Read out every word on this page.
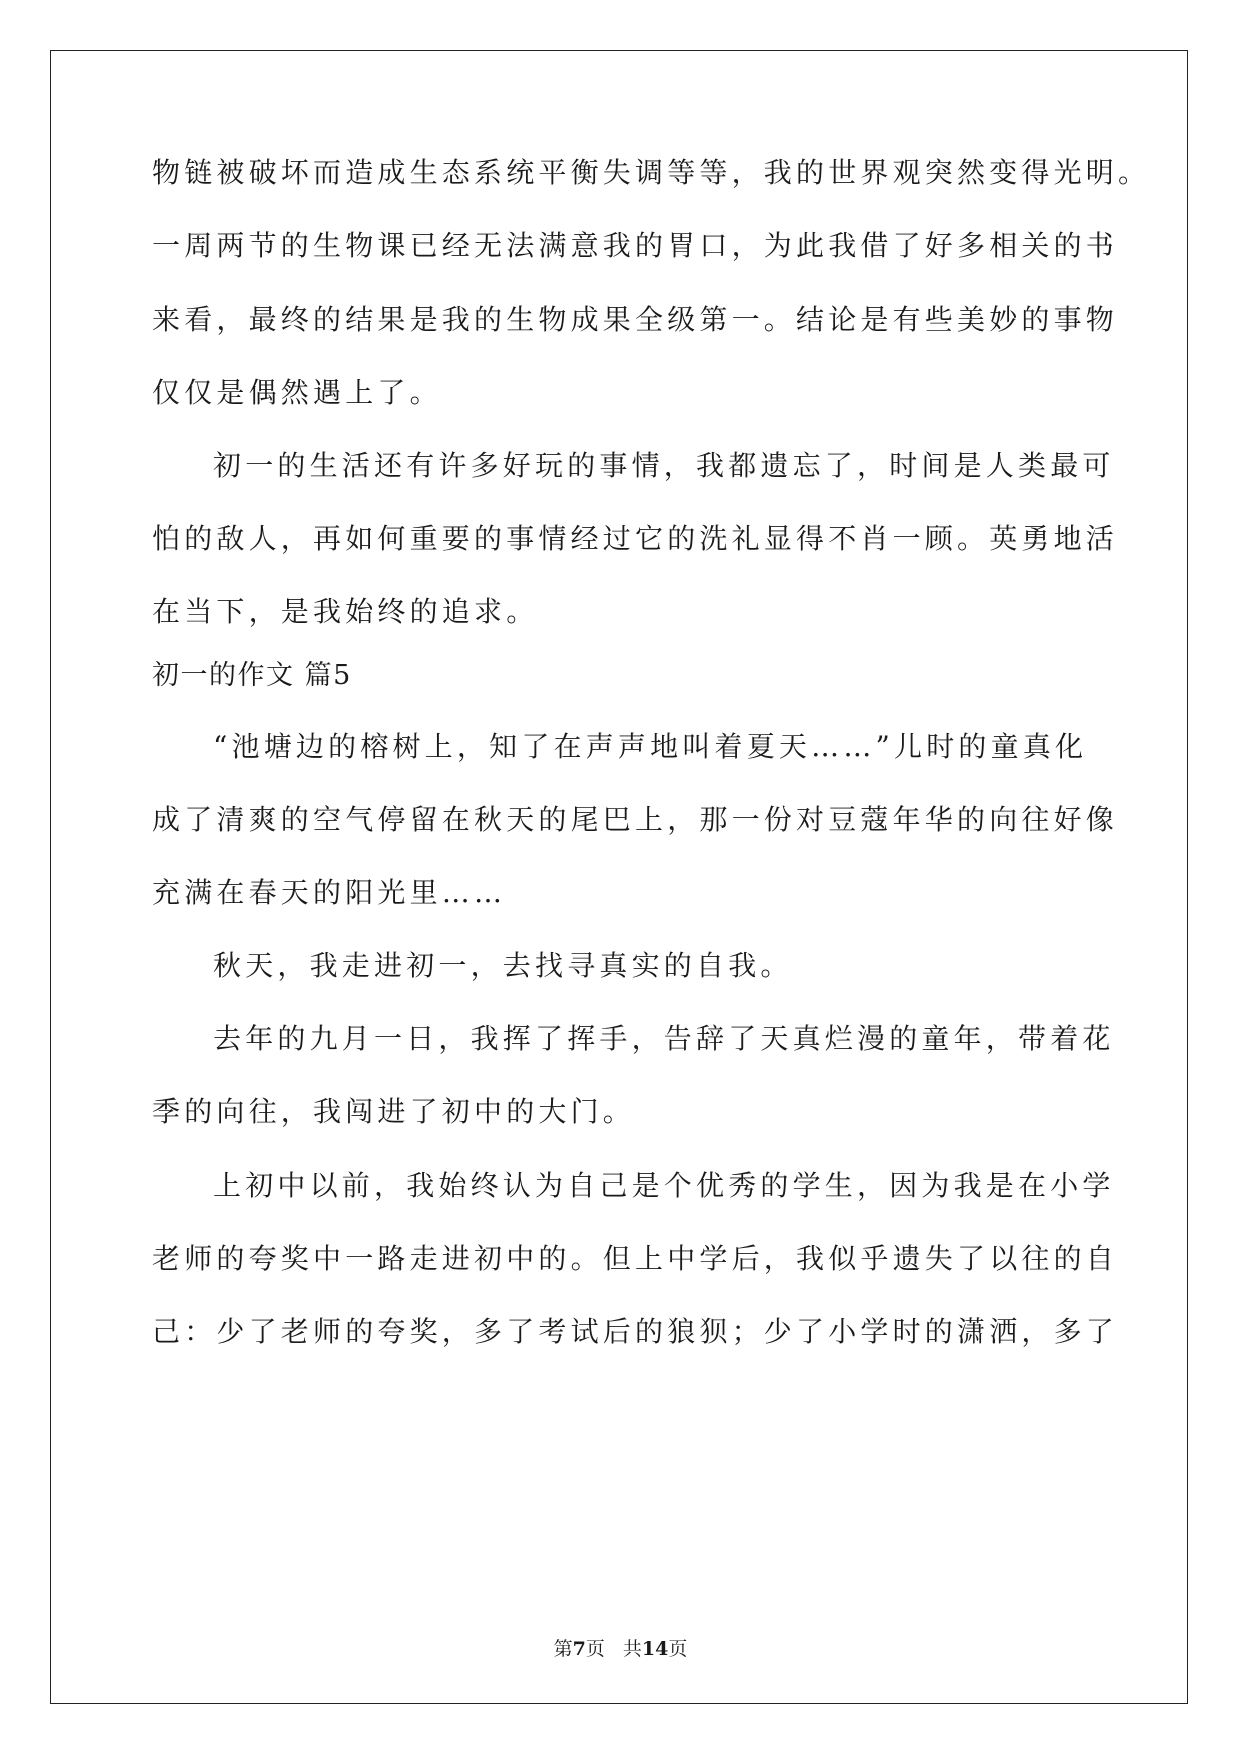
物链被破坏而造成生态系统平衡失调等等，我的世界观突然变得光明。

一周两节的生物课已经无法满意我的胃口，为此我借了好多相关的书

来看，最终的结果是我的生物成果全级第一。结论是有些美妙的事物

仅仅是偶然遇上了。

初一的生活还有许多好玩的事情，我都遗忘了，时间是人类最可

怕的敌人，再如何重要的事情经过它的洗礼显得不肖一顾。英勇地活

在当下，是我始终的追求。

初一的作文 篇5

“池塘边的榕树上，知了在声声地叫着夏天……”儿时的童真化

成了清爽的空气停留在秋天的尾巴上，那一份对豆蔻年华的向往好像

充满在春天的阳光里……

秋天，我走进初一，去找寻真实的自我。

去年的九月一日，我挥了挥手，告辞了天真烂漫的童年，带着花

季的向往，我闯进了初中的大门。

上初中以前，我始终认为自己是个优秀的学生，因为我是在小学

老师的夸奖中一路走进初中的。但上中学后，我似乎遗失了以往的自

己：少了老师的夸奖，多了考试后的狼狈；少了小学时的潇洒，多了

第7页 共14页
